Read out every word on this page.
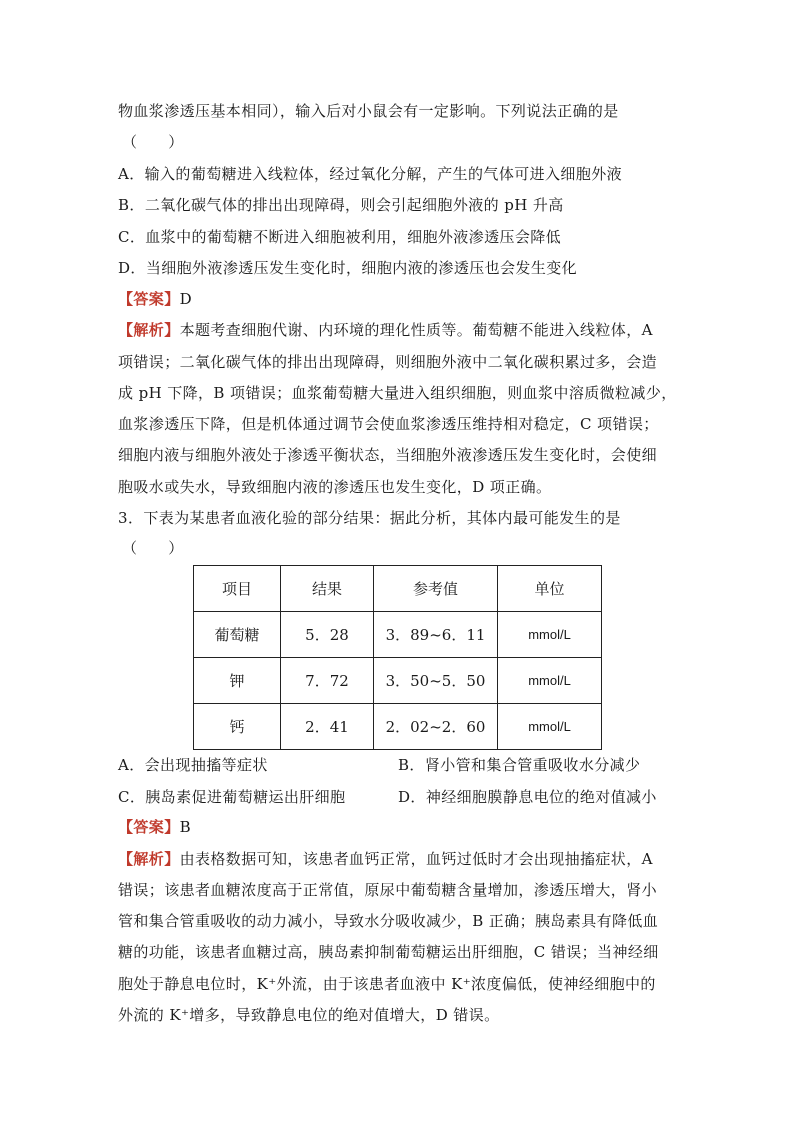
物血浆渗透压基本相同），输入后对小鼠会有一定影响。下列说法正确的是
（　　）
A．输入的葡萄糖进入线粒体，经过氧化分解，产生的气体可进入细胞外液
B．二氧化碳气体的排出出现障碍，则会引起细胞外液的 pH 升高
C．血浆中的葡萄糖不断进入细胞被利用，细胞外液渗透压会降低
D．当细胞外液渗透压发生变化时，细胞内液的渗透压也会发生变化
【答案】D
【解析】本题考查细胞代谢、内环境的理化性质等。葡萄糖不能进入线粒体，A
项错误；二氧化碳气体的排出出现障碍，则细胞外液中二氧化碳积累过多，会造
成 pH 下降，B 项错误；血浆葡萄糖大量进入组织细胞，则血浆中溶质微粒减少，
血浆渗透压下降，但是机体通过调节会使血浆渗透压维持相对稳定，C 项错误；
细胞内液与细胞外液处于渗透平衡状态，当细胞外液渗透压发生变化时，会使细
胞吸水或失水，导致细胞内液的渗透压也发生变化，D 项正确。
3．下表为某患者血液化验的部分结果：据此分析，其体内最可能发生的是
（　　）
项目	结果	参考值	单位
葡萄糖	5．28	3．89~6．11	mmol/L
钾	7．72	3．50~5．50	mmol/L
钙	2．41	2．02~2．60	mmol/L
A．会出现抽搐等症状	B．肾小管和集合管重吸收水分减少
C．胰岛素促进葡萄糖运出肝细胞	D．神经细胞膜静息电位的绝对值减小
【答案】B
【解析】由表格数据可知，该患者血钙正常，血钙过低时才会出现抽搐症状，A
错误；该患者血糖浓度高于正常值，原尿中葡萄糖含量增加，渗透压增大，肾小
管和集合管重吸收的动力减小，导致水分吸收减少，B 正确；胰岛素具有降低血
糖的功能，该患者血糖过高，胰岛素抑制葡萄糖运出肝细胞，C 错误；当神经细
胞处于静息电位时，K⁺外流，由于该患者血液中 K⁺浓度偏低，使神经细胞中的
外流的 K⁺增多，导致静息电位的绝对值增大，D 错误。
